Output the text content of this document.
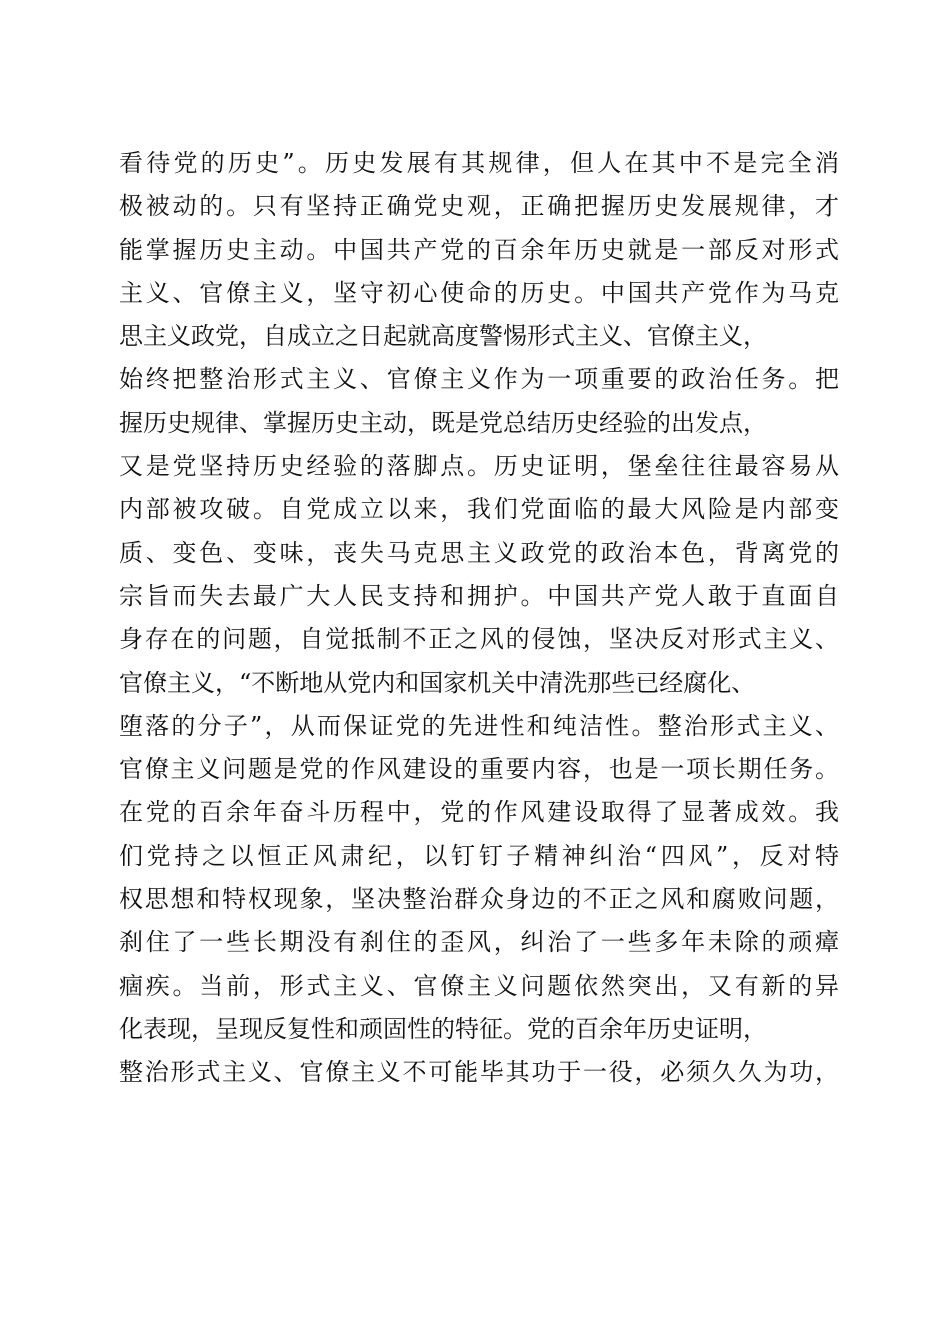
看待党的历史”。历史发展有其规律，但人在其中不是完全消
极被动的。只有坚持正确党史观，正确把握历史发展规律，才
能掌握历史主动。中国共产党的百余年历史就是一部反对形式
主义、官僚主义，坚守初心使命的历史。中国共产党作为马克
思主义政党，自成立之日起就高度警惕形式主义、官僚主义，
始终把整治形式主义、官僚主义作为一项重要的政治任务。把
握历史规律、掌握历史主动，既是党总结历史经验的出发点，
又是党坚持历史经验的落脚点。历史证明，堡垒往往最容易从
内部被攻破。自党成立以来，我们党面临的最大风险是内部变
质、变色、变味，丧失马克思主义政党的政治本色，背离党的
宗旨而失去最广大人民支持和拥护。中国共产党人敢于直面自
身存在的问题，自觉抵制不正之风的侵蚀，坚决反对形式主义、
官僚主义，“不断地从党内和国家机关中清洗那些已经腐化、
堕落的分子”，从而保证党的先进性和纯洁性。整治形式主义、
官僚主义问题是党的作风建设的重要内容，也是一项长期任务。
在党的百余年奋斗历程中，党的作风建设取得了显著成效。我
们党持之以恒正风肃纪，以钉钉子精神纠治“四风”，反对特
权思想和特权现象，坚决整治群众身边的不正之风和腐败问题，
刹住了一些长期没有刹住的歪风，纠治了一些多年未除的顽瘴
痼疾。当前，形式主义、官僚主义问题依然突出，又有新的异
化表现，呈现反复性和顽固性的特征。党的百余年历史证明，
整治形式主义、官僚主义不可能毕其功于一役，必须久久为功，
